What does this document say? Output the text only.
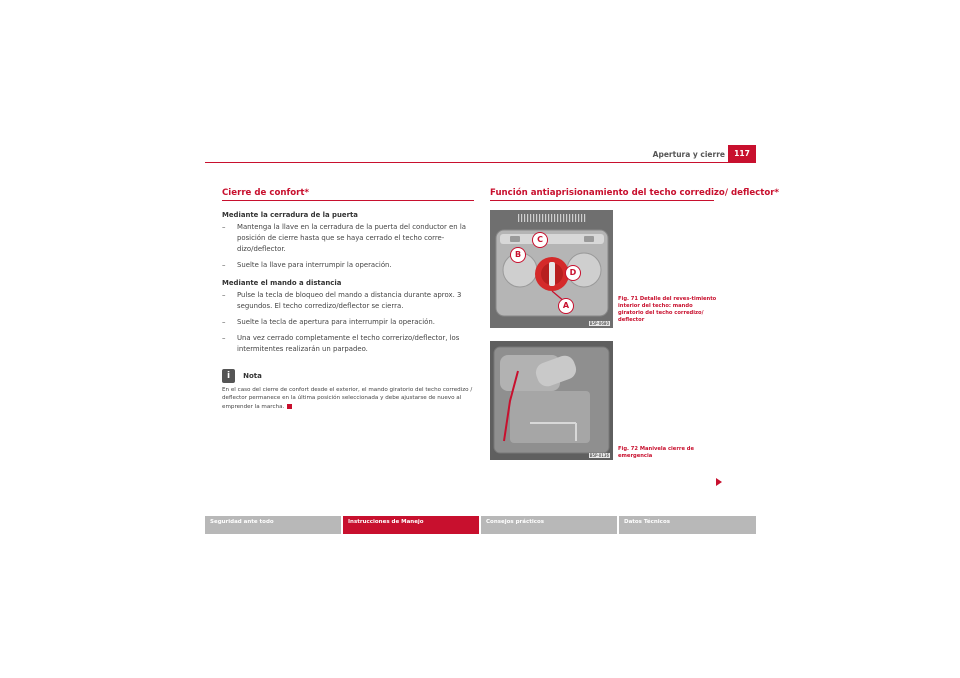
Apertura y cierre	117
Cierre de confort*
Mediante la cerradura de la puerta
– Mantenga la llave en la cerradura de la puerta del conductor en la posición de cierre hasta que se haya cerrado el techo corre-dizo/deflector.
– Suelte la llave para interrumpir la operación.
Mediante el mando a distancia
– Pulse la tecla de bloqueo del mando a distancia durante aprox. 3 segundos. El techo corredizo/deflector se cierra.
– Suelte la tecla de apertura para interrumpir la operación.
– Una vez cerrado completamente el techo correrizo/deflector, los intermitentes realizarán un parpadeo.
i Nota
En el caso del cierre de confort desde el exterior, el mando giratorio del techo corredizo / deflector permanece en la última posición seleccionada y debe ajustarse de nuevo al emprender la marcha.
Función antiaprisionamiento del techo corredizo/ deflector*
C
B
D
A
B5P-0680
Fig. 71 Detalle del reves-timiento interior del techo: mando giratorio del techo corredizo/ deflector
B5P-0136
Fig. 72 Manivela cierre de emergencia
Seguridad ante todo	Instrucciones de Manejo	Consejos prácticos	Datos Técnicos
